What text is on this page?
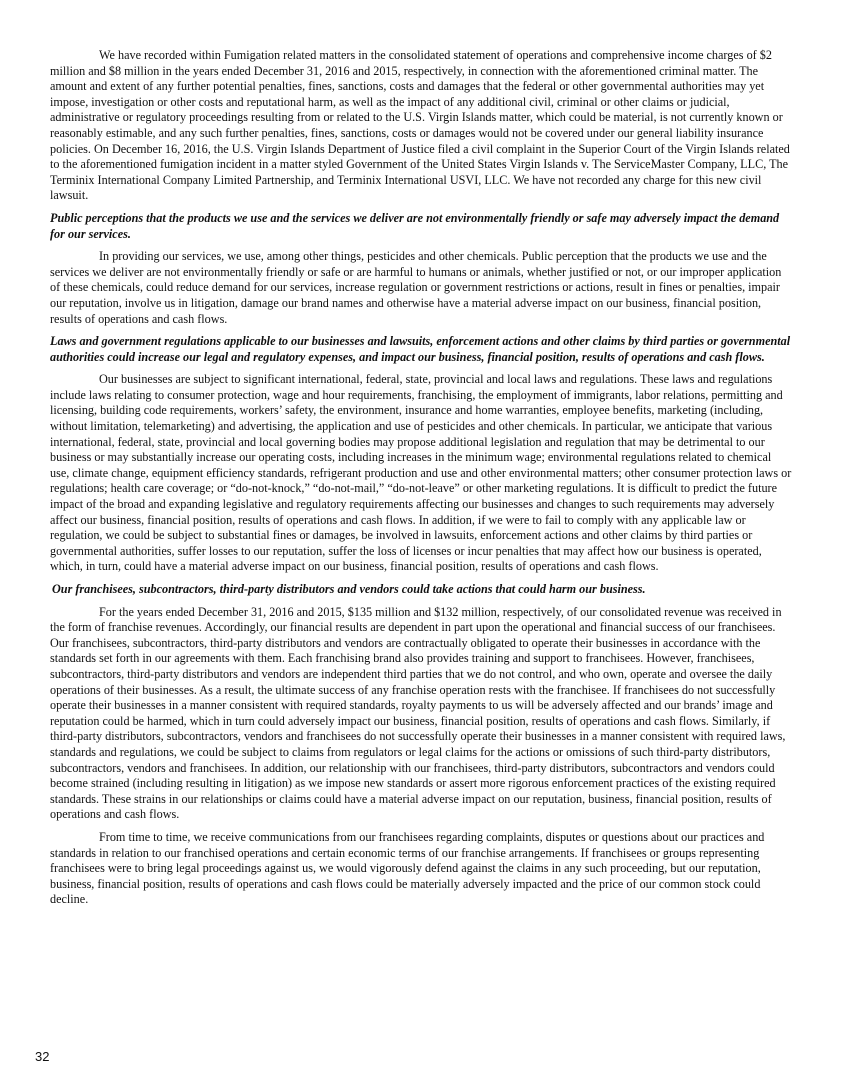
We have recorded within Fumigation related matters in the consolidated statement of operations and comprehensive income charges of $2 million and $8 million in the years ended December 31, 2016 and 2015, respectively, in connection with the aforementioned criminal matter. The amount and extent of any further potential penalties, fines, sanctions, costs and damages that the federal or other governmental authorities may yet impose, investigation or other costs and reputational harm, as well as the impact of any additional civil, criminal or other claims or judicial, administrative or regulatory proceedings resulting from or related to the U.S. Virgin Islands matter, which could be material, is not currently known or reasonably estimable, and any such further penalties, fines, sanctions, costs or damages would not be covered under our general liability insurance policies. On December 16, 2016, the U.S. Virgin Islands Department of Justice filed a civil complaint in the Superior Court of the Virgin Islands related to the aforementioned fumigation incident in a matter styled Government of the United States Virgin Islands v. The ServiceMaster Company, LLC, The Terminix International Company Limited Partnership, and Terminix International USVI, LLC. We have not recorded any charge for this new civil lawsuit.

Public perceptions that the products we use and the services we deliver are not environmentally friendly or safe may adversely impact the demand for our services.

In providing our services, we use, among other things, pesticides and other chemicals. Public perception that the products we use and the services we deliver are not environmentally friendly or safe or are harmful to humans or animals, whether justified or not, or our improper application of these chemicals, could reduce demand for our services, increase regulation or government restrictions or actions, result in fines or penalties, impair our reputation, involve us in litigation, damage our brand names and otherwise have a material adverse impact on our business, financial position, results of operations and cash flows.

Laws and government regulations applicable to our businesses and lawsuits, enforcement actions and other claims by third parties or governmental authorities could increase our legal and regulatory expenses, and impact our business, financial position, results of operations and cash flows.

Our businesses are subject to significant international, federal, state, provincial and local laws and regulations. These laws and regulations include laws relating to consumer protection, wage and hour requirements, franchising, the employment of immigrants, labor relations, permitting and licensing, building code requirements, workers’ safety, the environment, insurance and home warranties, employee benefits, marketing (including, without limitation, telemarketing) and advertising, the application and use of pesticides and other chemicals. In particular, we anticipate that various international, federal, state, provincial and local governing bodies may propose additional legislation and regulation that may be detrimental to our business or may substantially increase our operating costs, including increases in the minimum wage; environmental regulations related to chemical use, climate change, equipment efficiency standards, refrigerant production and use and other environmental matters; other consumer protection laws or regulations; health care coverage; or “do-not-knock,” “do-not-mail,” “do-not-leave” or other marketing regulations. It is difficult to predict the future impact of the broad and expanding legislative and regulatory requirements affecting our businesses and changes to such requirements may adversely affect our business, financial position, results of operations and cash flows. In addition, if we were to fail to comply with any applicable law or regulation, we could be subject to substantial fines or damages, be involved in lawsuits, enforcement actions and other claims by third parties or governmental authorities, suffer losses to our reputation, suffer the loss of licenses or incur penalties that may affect how our business is operated, which, in turn, could have a material adverse impact on our business, financial position, results of operations and cash flows.

Our franchisees, subcontractors, third-party distributors and vendors could take actions that could harm our business.

For the years ended December 31, 2016 and 2015, $135 million and $132 million, respectively, of our consolidated revenue was received in the form of franchise revenues. Accordingly, our financial results are dependent in part upon the operational and financial success of our franchisees. Our franchisees, subcontractors, third-party distributors and vendors are contractually obligated to operate their businesses in accordance with the standards set forth in our agreements with them. Each franchising brand also provides training and support to franchisees. However, franchisees, subcontractors, third-party distributors and vendors are independent third parties that we do not control, and who own, operate and oversee the daily operations of their businesses. As a result, the ultimate success of any franchise operation rests with the franchisee. If franchisees do not successfully operate their businesses in a manner consistent with required standards, royalty payments to us will be adversely affected and our brands’ image and reputation could be harmed, which in turn could adversely impact our business, financial position, results of operations and cash flows. Similarly, if third-party distributors, subcontractors, vendors and franchisees do not successfully operate their businesses in a manner consistent with required laws, standards and regulations, we could be subject to claims from regulators or legal claims for the actions or omissions of such third-party distributors, subcontractors, vendors and franchisees. In addition, our relationship with our franchisees, third-party distributors, subcontractors and vendors could become strained (including resulting in litigation) as we impose new standards or assert more rigorous enforcement practices of the existing required standards. These strains in our relationships or claims could have a material adverse impact on our reputation, business, financial position, results of operations and cash flows.

From time to time, we receive communications from our franchisees regarding complaints, disputes or questions about our practices and standards in relation to our franchised operations and certain economic terms of our franchise arrangements. If franchisees or groups representing franchisees were to bring legal proceedings against us, we would vigorously defend against the claims in any such proceeding, but our reputation, business, financial position, results of operations and cash flows could be materially adversely impacted and the price of our common stock could decline.

32
